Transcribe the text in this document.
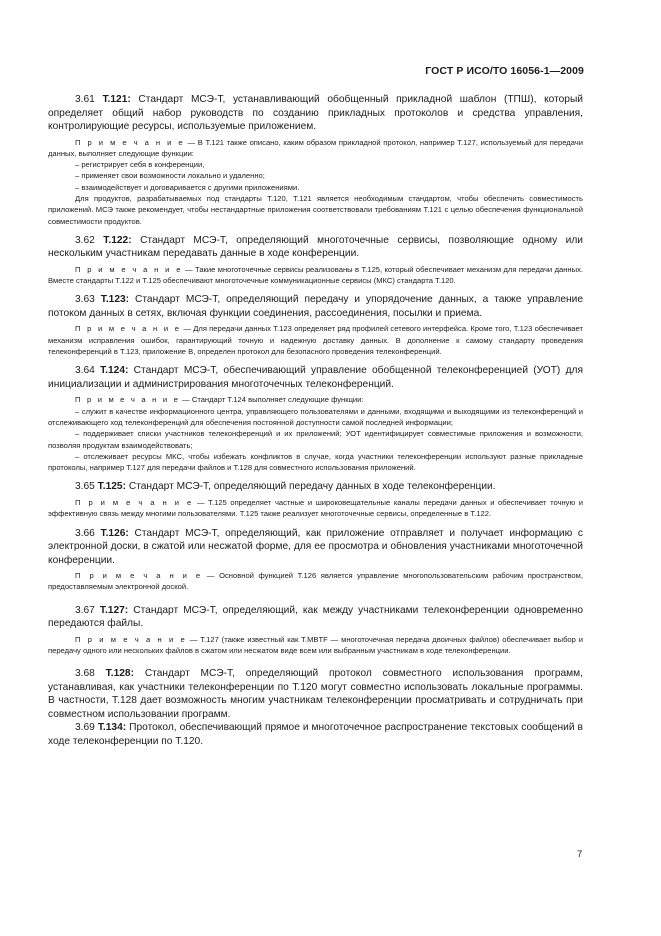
ГОСТ Р ИСО/ТО 16056-1—2009

3.61 T.121: Стандарт МСЭ-Т, устанавливающий обобщенный прикладной шаблон (ТПШ), который определяет общий набор руководств по созданию прикладных протоколов и средства управления, контролирующие ресурсы, используемые приложением.

П р и м е ч а н и е — В Т.121 также описано, каким образом прикладной протокол, например Т.127, используемый для передачи данных, выполняет следующие функции:

– регистрирует себя в конференции,

– применяет свои возможности локально и удаленно;

– взаимодействует и договаривается с другими приложениями.

Для продуктов, разрабатываемых под стандарты Т.120, Т.121 является необходимым стандартом, чтобы обеспечить совместимость приложений. МСЭ также рекомендует, чтобы нестандартные приложения соответствовали требованиям Т.121 с целью обеспечения функциональной совместимости продуктов.

3.62 T.122: Стандарт МСЭ-Т, определяющий многоточечные сервисы, позволяющие одному или нескольким участникам передавать данные в ходе конференции.

П р и м е ч а н и е — Такие многоточечные сервисы реализованы в Т.125, который обеспечивает механизм для передачи данных. Вместе стандарты Т.122 и Т.125 обеспечивают многоточечные коммуникационные сервисы (МКС) стандарта Т.120.

3.63 T.123: Стандарт МСЭ-Т, определяющий передачу и упорядочение данных, а также управление потоком данных в сетях, включая функции соединения, рассоединения, посылки и приема.

П р и м е ч а н и е — Для передачи данных Т.123 определяет ряд профилей сетевого интерфейса. Кроме того, Т.123 обеспечивает механизм исправления ошибок, гарантирующий точную и надежную доставку данных. В дополнение к самому стандарту проведения телеконференций в Т.123, приложение В, определен протокол для безопасного проведения телеконференций.

3.64 T.124: Стандарт МСЭ-Т, обеспечивающий управление обобщенной телеконференцией (УОТ) для инициализации и администрирования многоточечных телеконференций.

П р и м е ч а н и е — Стандарт Т.124 выполняет следующие функции:

– служит в качестве информационного центра, управляющего пользователями и данными, входящими и выходящими из телеконференций и отслеживающего ход телеконференций для обеспечения постоянной доступности самой последней информации;

– поддерживает списки участников телеконференций и их приложений; УОТ идентифицирует совместимые приложения и возможности, позволяя продуктам взаимодействовать;

– отслеживает ресурсы МКС, чтобы избежать конфликтов в случае, когда участники телеконференции используют разные прикладные протоколы, например Т.127 для передачи файлов и Т.128 для совместного использования приложений.

3.65 T.125: Стандарт МСЭ-Т, определяющий передачу данных в ходе телеконференции.

П р и м е ч а н и е — Т.125 определяет частные и широковещательные каналы передачи данных и обеспечивает точную и эффективную связь между многими пользователями. Т.125 также реализует многоточечные сервисы, определенные в Т.122.

3.66 T.126: Стандарт МСЭ-Т, определяющий, как приложение отправляет и получает информацию с электронной доски, в сжатой или несжатой форме, для ее просмотра и обновления участниками многоточечной конференции.

П р и м е ч а н и е — Основной функцией Т.126 является управление многопользовательским рабочим пространством, предоставляемым электронной доской.

3.67 T.127: Стандарт МСЭ-Т, определяющий, как между участниками телеконференции одновременно передаются файлы.

П р и м е ч а н и е — Т.127 (также известный как Т.MBTF — многоточечная передача двоичных файлов) обеспечивает выбор и передачу одного или нескольких файлов в сжатом или несжатом виде всем или выбранным участникам в ходе телеконференции.

3.68 T.128: Стандарт МСЭ-Т, определяющий протокол совместного использования программ, устанавливая, как участники телеконференции по Т.120 могут совместно использовать локальные программы. В частности, Т.128 дает возможность многим участникам телеконференции просматривать и сотрудничать при совместном использовании программ.

3.69 T.134: Протокол, обеспечивающий прямое и многоточечное распространение текстовых сообщений в ходе телеконференции по Т.120.

7
